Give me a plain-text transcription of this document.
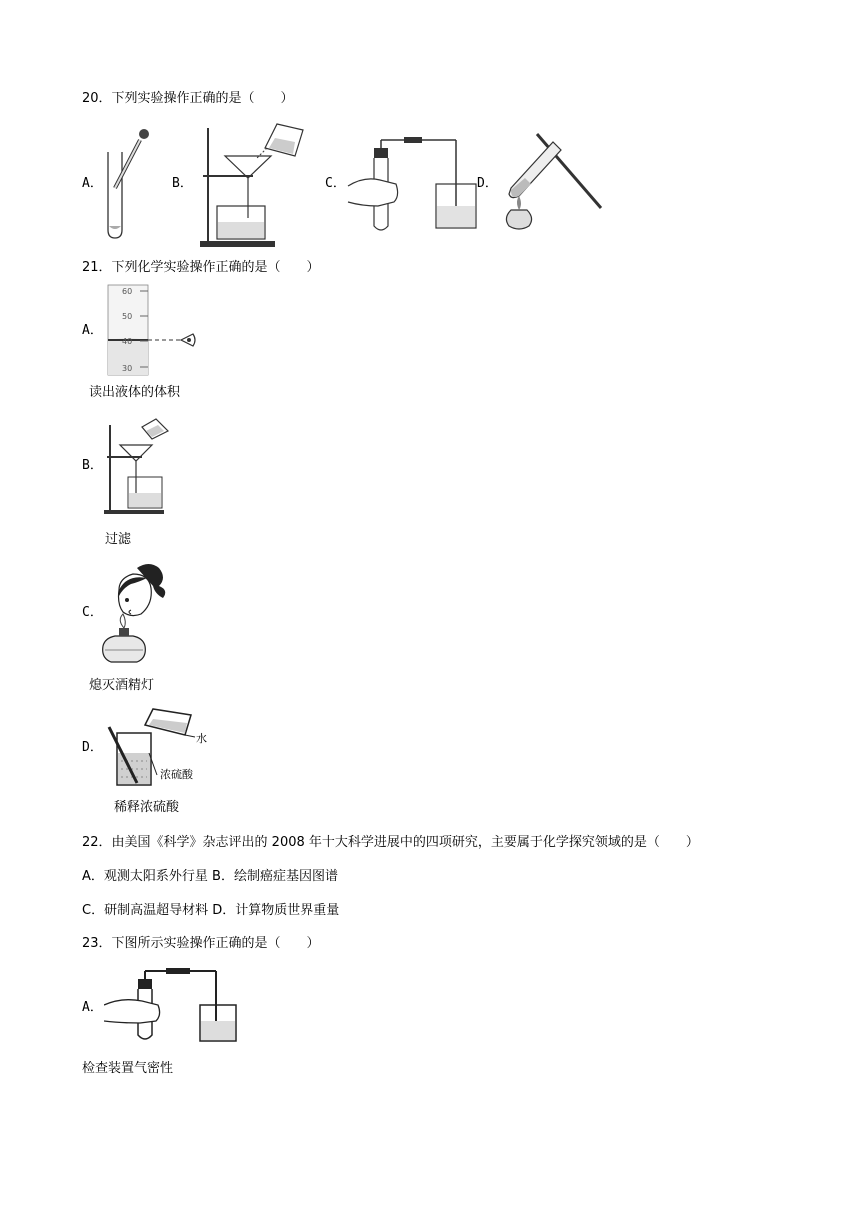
20．下列实验操作正确的是（　　）
A．	B．	C．	D．
21．下列化学实验操作正确的是（　　）
A．
60
50
40
30
读出液体的体积
B．
过滤
C．
熄灭酒精灯
D．
水
浓硫酸
稀释浓硫酸
22．由美国《科学》杂志评出的 2008 年十大科学进展中的四项研究，主要属于化学探究领域的是（　　）
A．观测太阳系外行星 B．绘制癌症基因图谱
C．研制高温超导材料 D．计算物质世界重量
23．下图所示实验操作正确的是（　　）
A．
检查装置气密性
